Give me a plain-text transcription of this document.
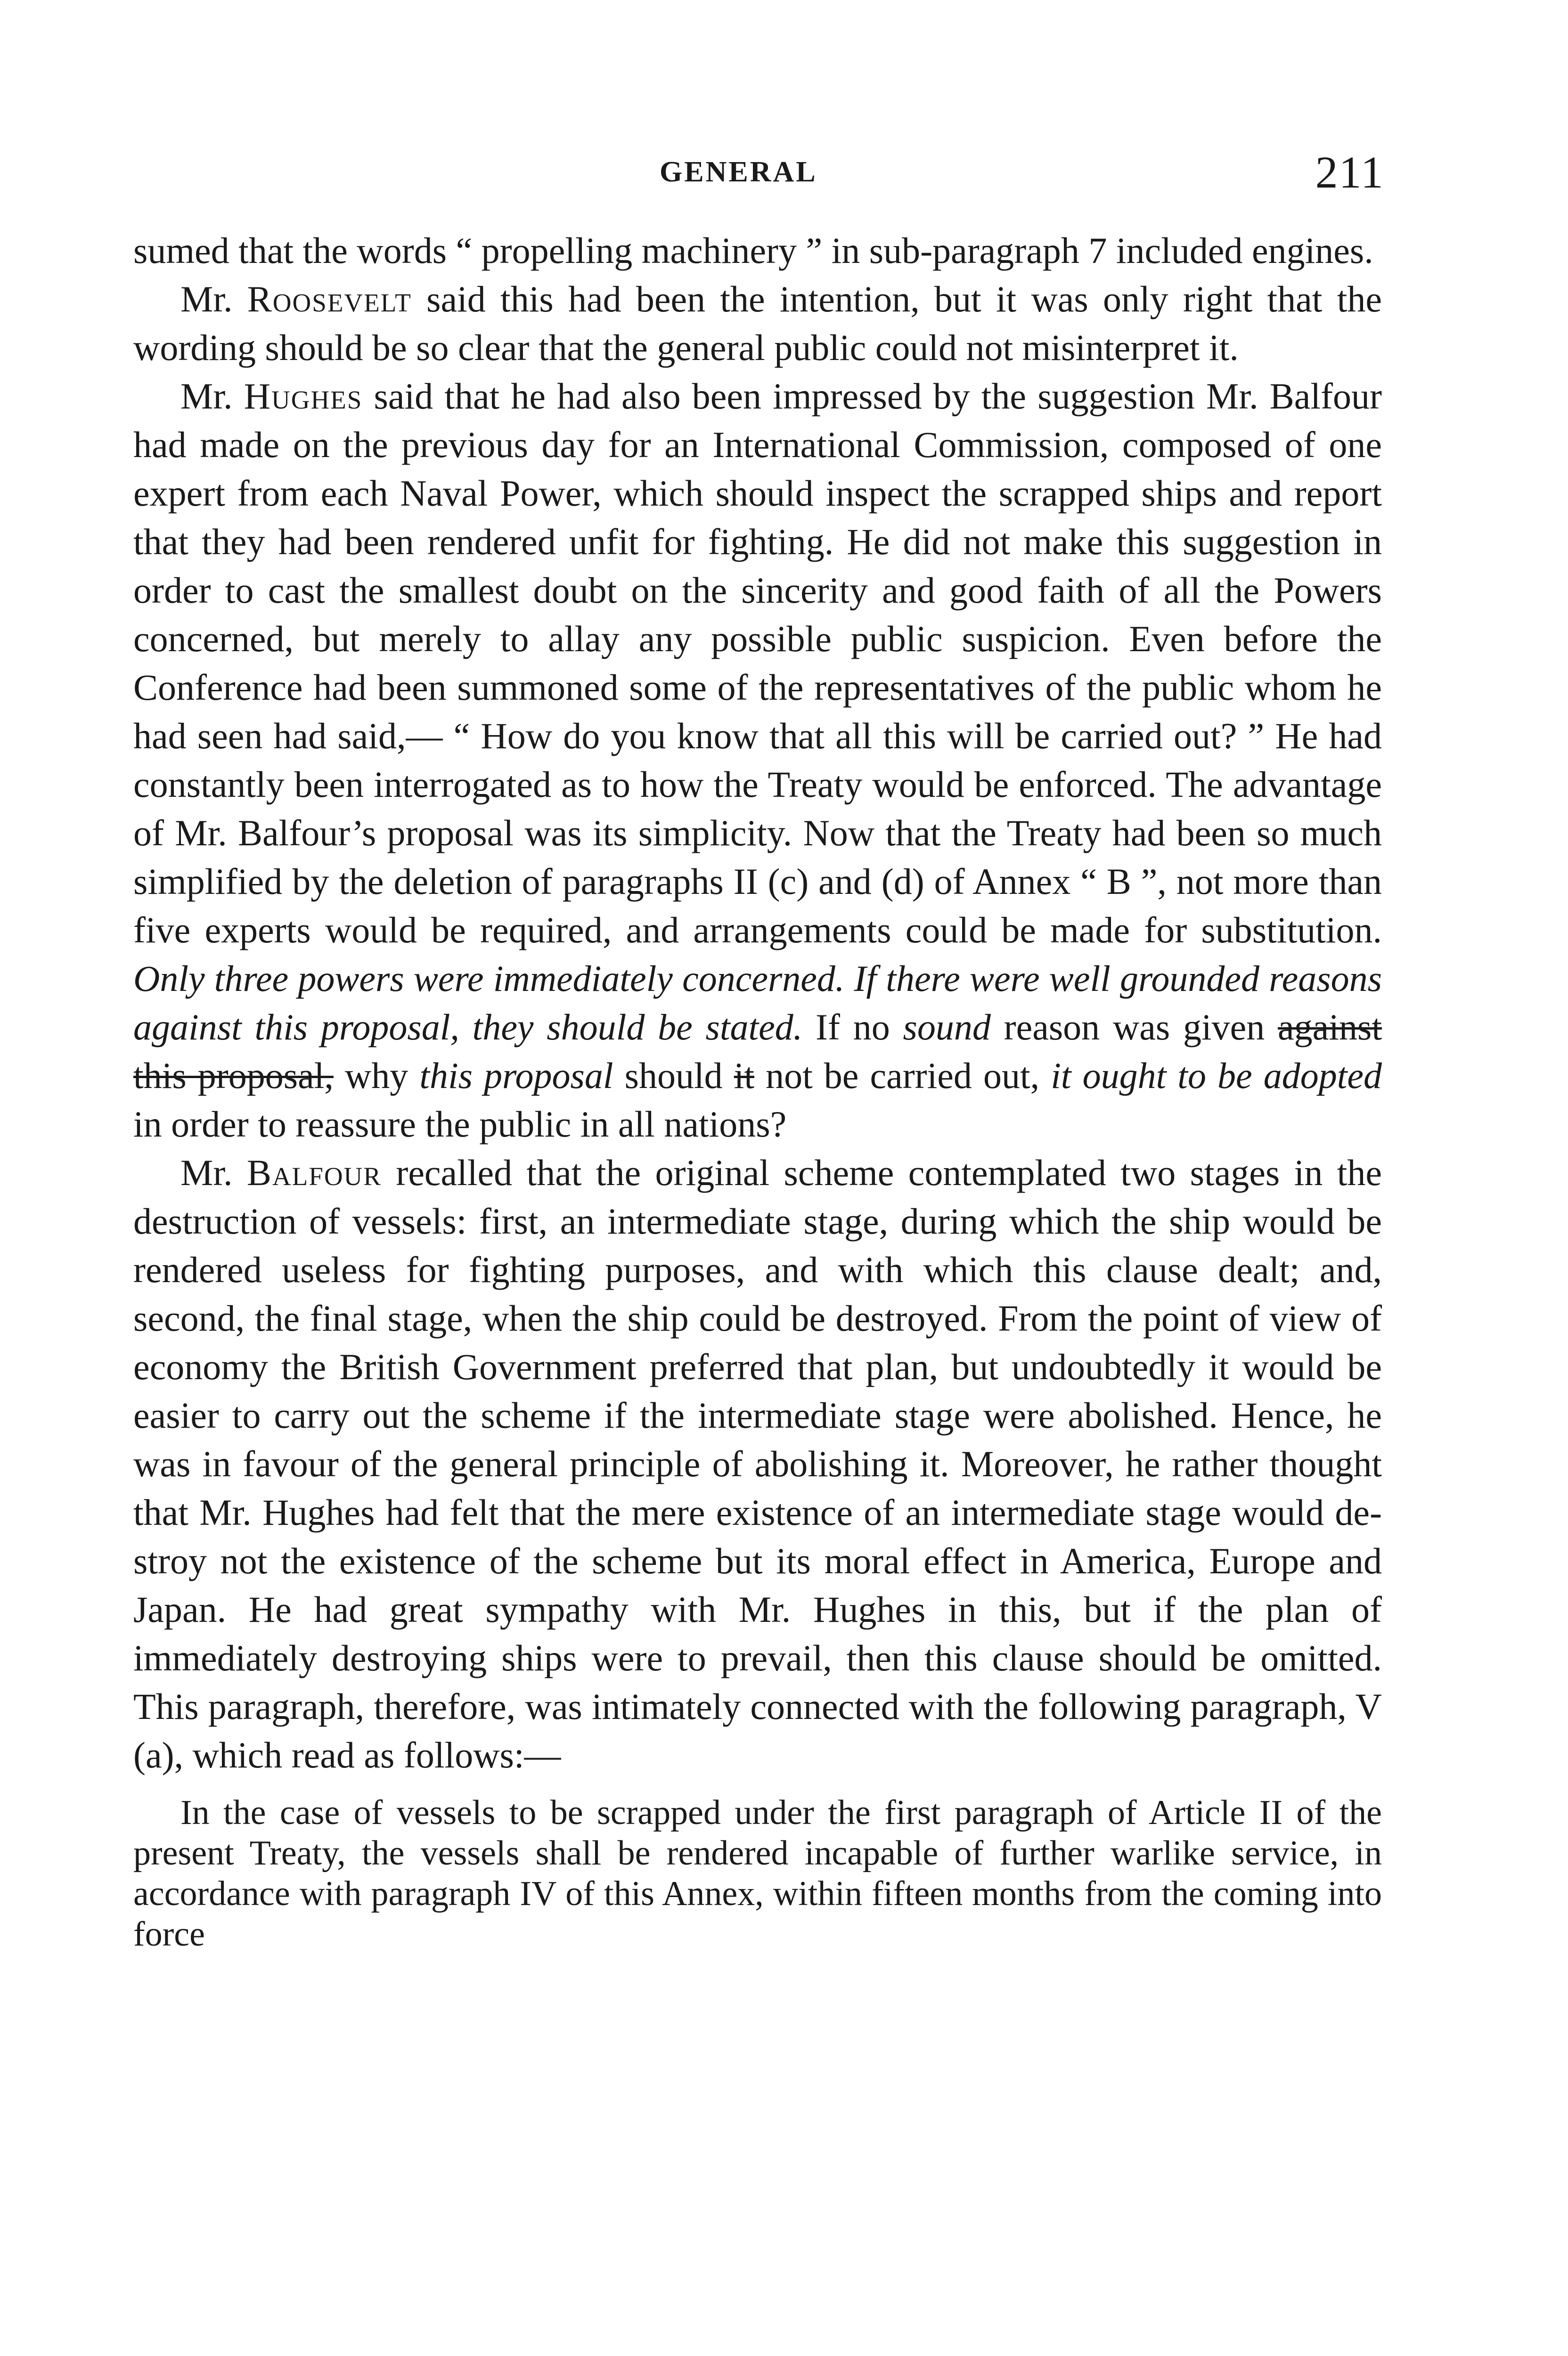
GENERAL	211

sumed that the words “ propelling machinery ” in sub-paragraph 7 included engines.

Mr. Roosevelt said this had been the intention, but it was only right that the wording should be so clear that the general public could not misinterpret it.

Mr. Hughes said that he had also been impressed by the suggestion Mr. Balfour had made on the previous day for an International Commission, composed of one expert from each Naval Power, which should inspect the scrapped ships and report that they had been rendered unfit for fighting. He did not make this suggestion in order to cast the smallest doubt on the sincerity and good faith of all the Powers concerned, but merely to allay any possible public suspicion. Even before the Conference had been summoned some of the representatives of the public whom he had seen had said,— “ How do you know that all this will be carried out? ” He had constantly been interrogated as to how the Treaty would be enforced. The advantage of Mr. Balfour’s proposal was its simplicity. Now that the Treaty had been so much simplified by the deletion of paragraphs II (c) and (d) of Annex “ B ”, not more than five experts would be required, and arrangements could be made for substitution. Only three powers were immediately concerned. If there were well grounded reasons against this proposal, they should be stated. If no sound reason was given against this proposal, why this proposal should it not be carried out, it ought to be adopted in order to reassure the public in all nations?

Mr. Balfour recalled that the original scheme contemplated two stages in the destruction of vessels: first, an intermediate stage, during which the ship would be rendered useless for fighting purposes, and with which this clause dealt; and, second, the final stage, when the ship could be destroyed. From the point of view of economy the British Government preferred that plan, but undoubtedly it would be easier to carry out the scheme if the intermediate stage were abolished. Hence, he was in favour of the general principle of abolishing it. Moreover, he rather thought that Mr. Hughes had felt that the mere existence of an intermediate stage would destroy not the existence of the scheme but its moral effect in America, Europe and Japan. He had great sympathy with Mr. Hughes in this, but if the plan of immediately destroying ships were to prevail, then this clause should be omitted. This paragraph, therefore, was intimately connected with the following paragraph, V (a), which read as follows:—

In the case of vessels to be scrapped under the first paragraph of Article II of the present Treaty, the vessels shall be rendered incapable of further warlike service, in accordance with paragraph IV of this Annex, within fifteen months from the coming into force
